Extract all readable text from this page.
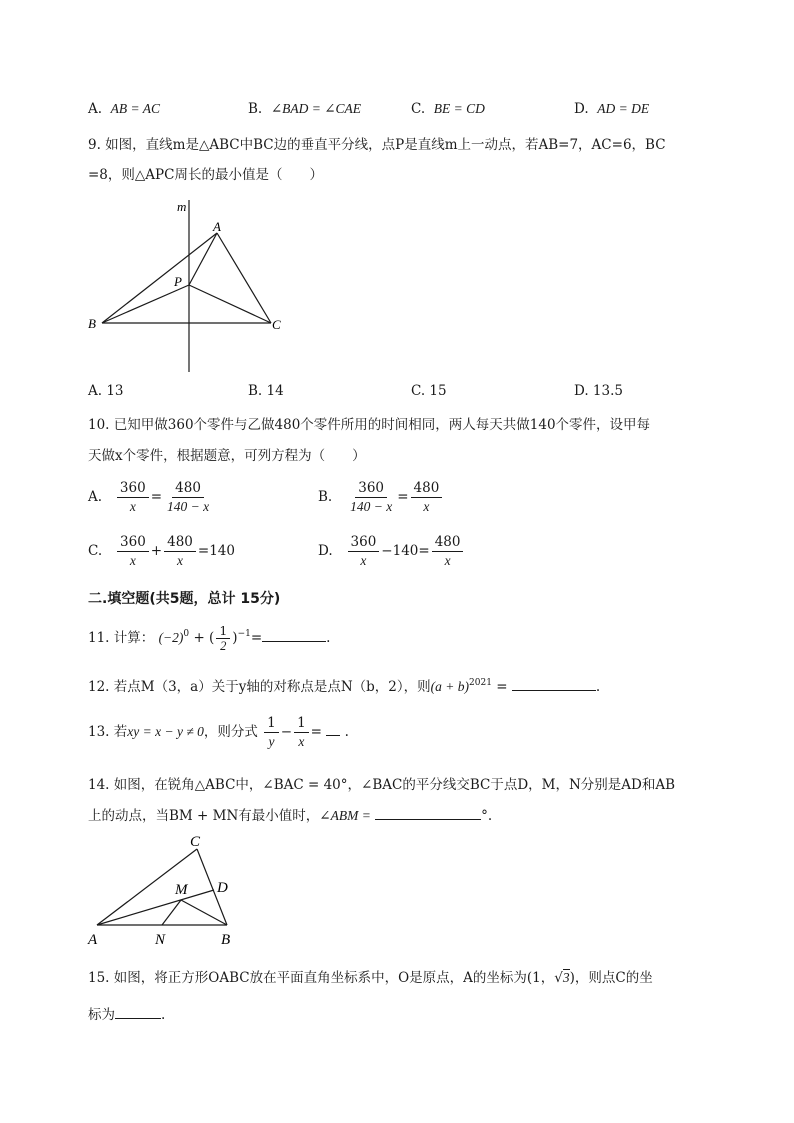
A. AB = AC	B. ∠BAD = ∠CAE	C. BE = CD	D. AD = DE
9. 如图，直线m是△ABC中BC边的垂直平分线，点P是直线m上一动点，若AB=7，AC=6，BC
=8，则△APC周长的最小值是（　　）
m
A
P
B	C
A. 13	B. 14	C. 15	D. 13.5
10. 已知甲做360个零件与乙做480个零件所用的时间相同，两人每天共做140个零件，设甲每
天做x个零件，根据题意，可列方程为（　　）
A. $\frac{360}{x} = \frac{480}{140 - x}$	B. $\frac{360}{140 - x} = \frac{480}{x}$
C. $\frac{360}{x} + \frac{480}{x} =140$	D. $\frac{360}{x} -140= \frac{480}{x}$
二.填空题(共5题，总计 15分)
11. 计算： $(-2)^0$ + ( $\frac{1}{2} )^{-1}=$	.
12. 若点M（3，a）关于y轴的对称点是点N（b，2），则$(a + b)^{2021}$ =	.
13. 若xy = x − y ≠ 0，则分式 $\frac{1}{y} - \frac{1}{x}$ = .
14. 如图，在锐角△ABC中，∠BAC = 40°，∠BAC的平分线交BC于点D，M，N分别是AD和AB
上的动点，当BM + MN有最小值时，∠ABM =	°.
C
M D
A	N	B
15. 如图，将正方形OABC放在平面直角坐标系中，O是原点，A的坐标为(1，√3)，则点C的坐
标为	.
